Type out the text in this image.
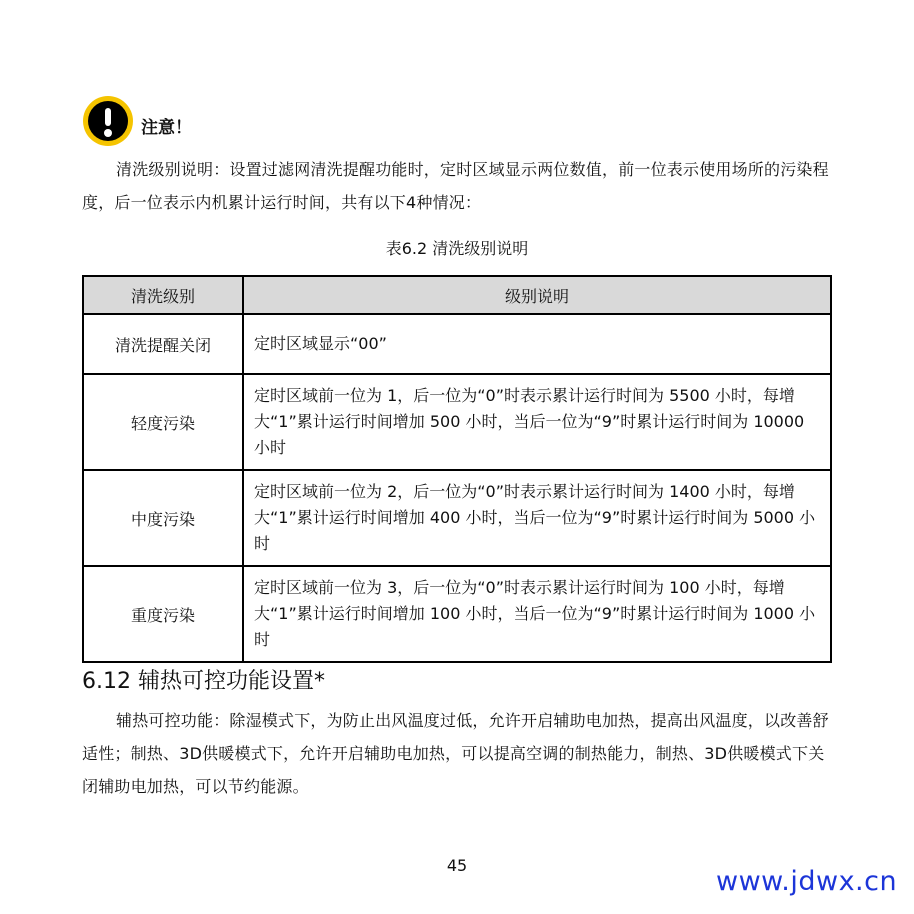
注意！
清洗级别说明：设置过滤网清洗提醒功能时，定时区域显示两位数值，前一位表示使用场所的污染程度，后一位表示内机累计运行时间，共有以下4种情况：
表6.2 清洗级别说明
清洗级别	级别说明
清洗提醒关闭	定时区域显示“00”
轻度污染	定时区域前一位为 1，后一位为“0”时表示累计运行时间为 5500 小时，每增大“1”累计运行时间增加 500 小时，当后一位为“9”时累计运行时间为 10000 小时
中度污染	定时区域前一位为 2，后一位为“0”时表示累计运行时间为 1400 小时，每增大“1”累计运行时间增加 400 小时，当后一位为“9”时累计运行时间为 5000 小时
重度污染	定时区域前一位为 3，后一位为“0”时表示累计运行时间为 100 小时，每增大“1”累计运行时间增加 100 小时，当后一位为“9”时累计运行时间为 1000 小时
6.12 辅热可控功能设置*
辅热可控功能：除湿模式下，为防止出风温度过低，允许开启辅助电加热，提高出风温度，以改善舒适性；制热、3D供暖模式下，允许开启辅助电加热，可以提高空调的制热能力，制热、3D供暖模式下关闭辅助电加热，可以节约能源。
45
www.jdwx.cn
